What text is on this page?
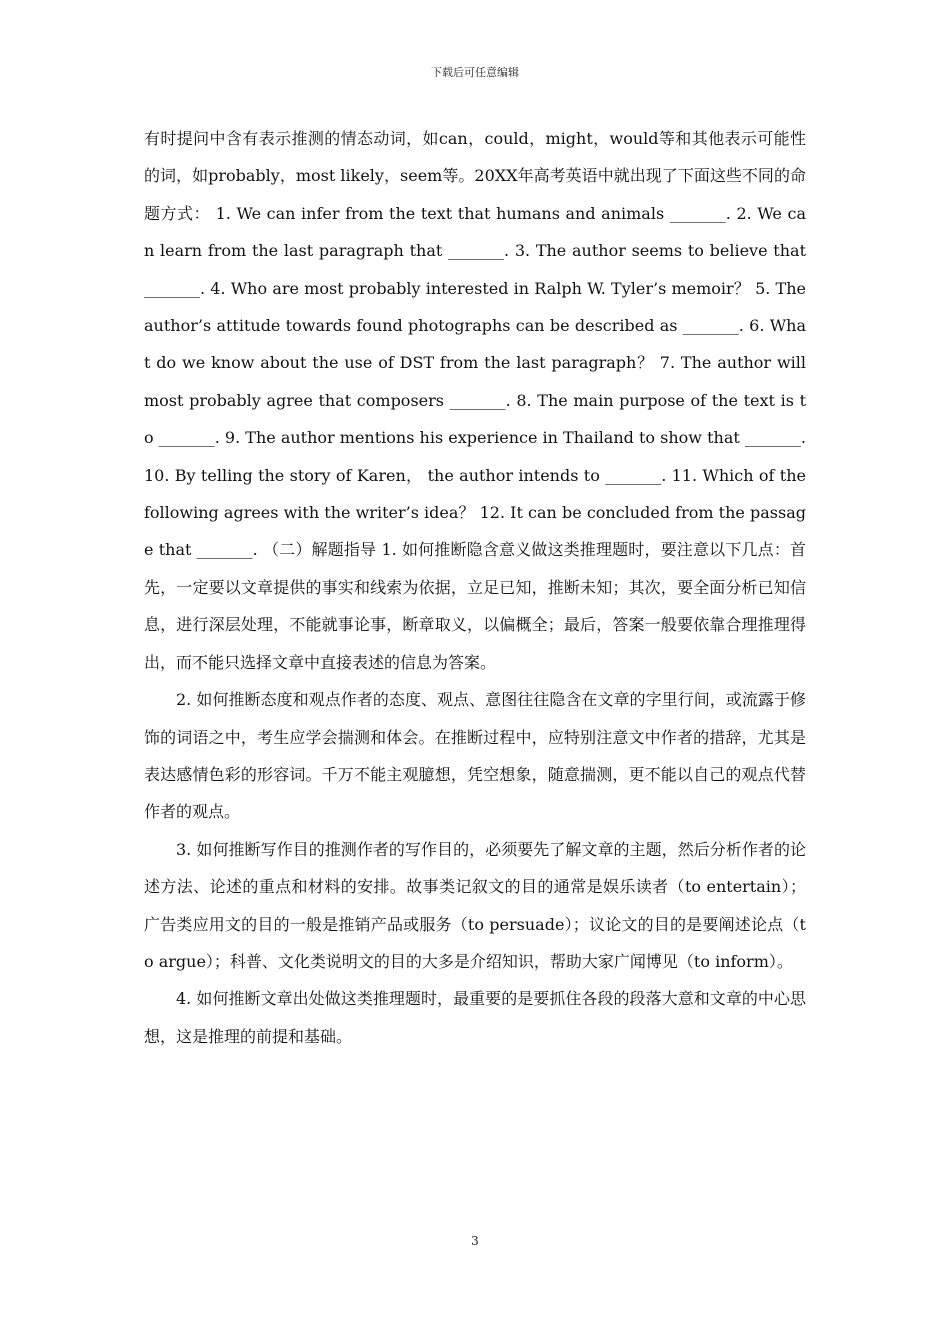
下载后可任意编辑

有时提问中含有表示推测的情态动词，如can，could，might，would等和其他表示可能性的词，如probably，most likely，seem等。20XX年高考英语中就出现了下面这些不同的命题方式： 1. We can infer from the text that humans and animals _______. 2. We can learn from the last paragraph that _______. 3. The author seems to believe that _______. 4. Who are most probably interested in Ralph W. Tyler’s memoir？ 5. The author’s attitude towards found photographs can be described as _______. 6. What do we know about the use of DST from the last paragraph？ 7. The author will most probably agree that composers _______. 8. The main purpose of the text is to _______. 9. The author mentions his experience in Thailand to show that _______. 10. By telling the story of Karen， the author intends to _______. 11. Which of the following agrees with the writer’s idea？ 12. It can be concluded from the passage that _______. （二）解题指导 1. 如何推断隐含意义做这类推理题时，要注意以下几点：首先，一定要以文章提供的事实和线索为依据，立足已知，推断未知；其次，要全面分析已知信息，进行深层处理，不能就事论事，断章取义，以偏概全；最后，答案一般要依靠合理推理得出，而不能只选择文章中直接表述的信息为答案。

2. 如何推断态度和观点作者的态度、观点、意图往往隐含在文章的字里行间，或流露于修饰的词语之中，考生应学会揣测和体会。在推断过程中，应特别注意文中作者的措辞，尤其是表达感情色彩的形容词。千万不能主观臆想，凭空想象，随意揣测，更不能以自己的观点代替作者的观点。

3. 如何推断写作目的推测作者的写作目的，必须要先了解文章的主题，然后分析作者的论述方法、论述的重点和材料的安排。故事类记叙文的目的通常是娱乐读者（to entertain）；广告类应用文的目的一般是推销产品或服务（to persuade）；议论文的目的是要阐述论点（to argue）；科普、文化类说明文的目的大多是介绍知识，帮助大家广闻博见（to inform）。

4. 如何推断文章出处做这类推理题时，最重要的是要抓住各段的段落大意和文章的中心思想，这是推理的前提和基础。

3
